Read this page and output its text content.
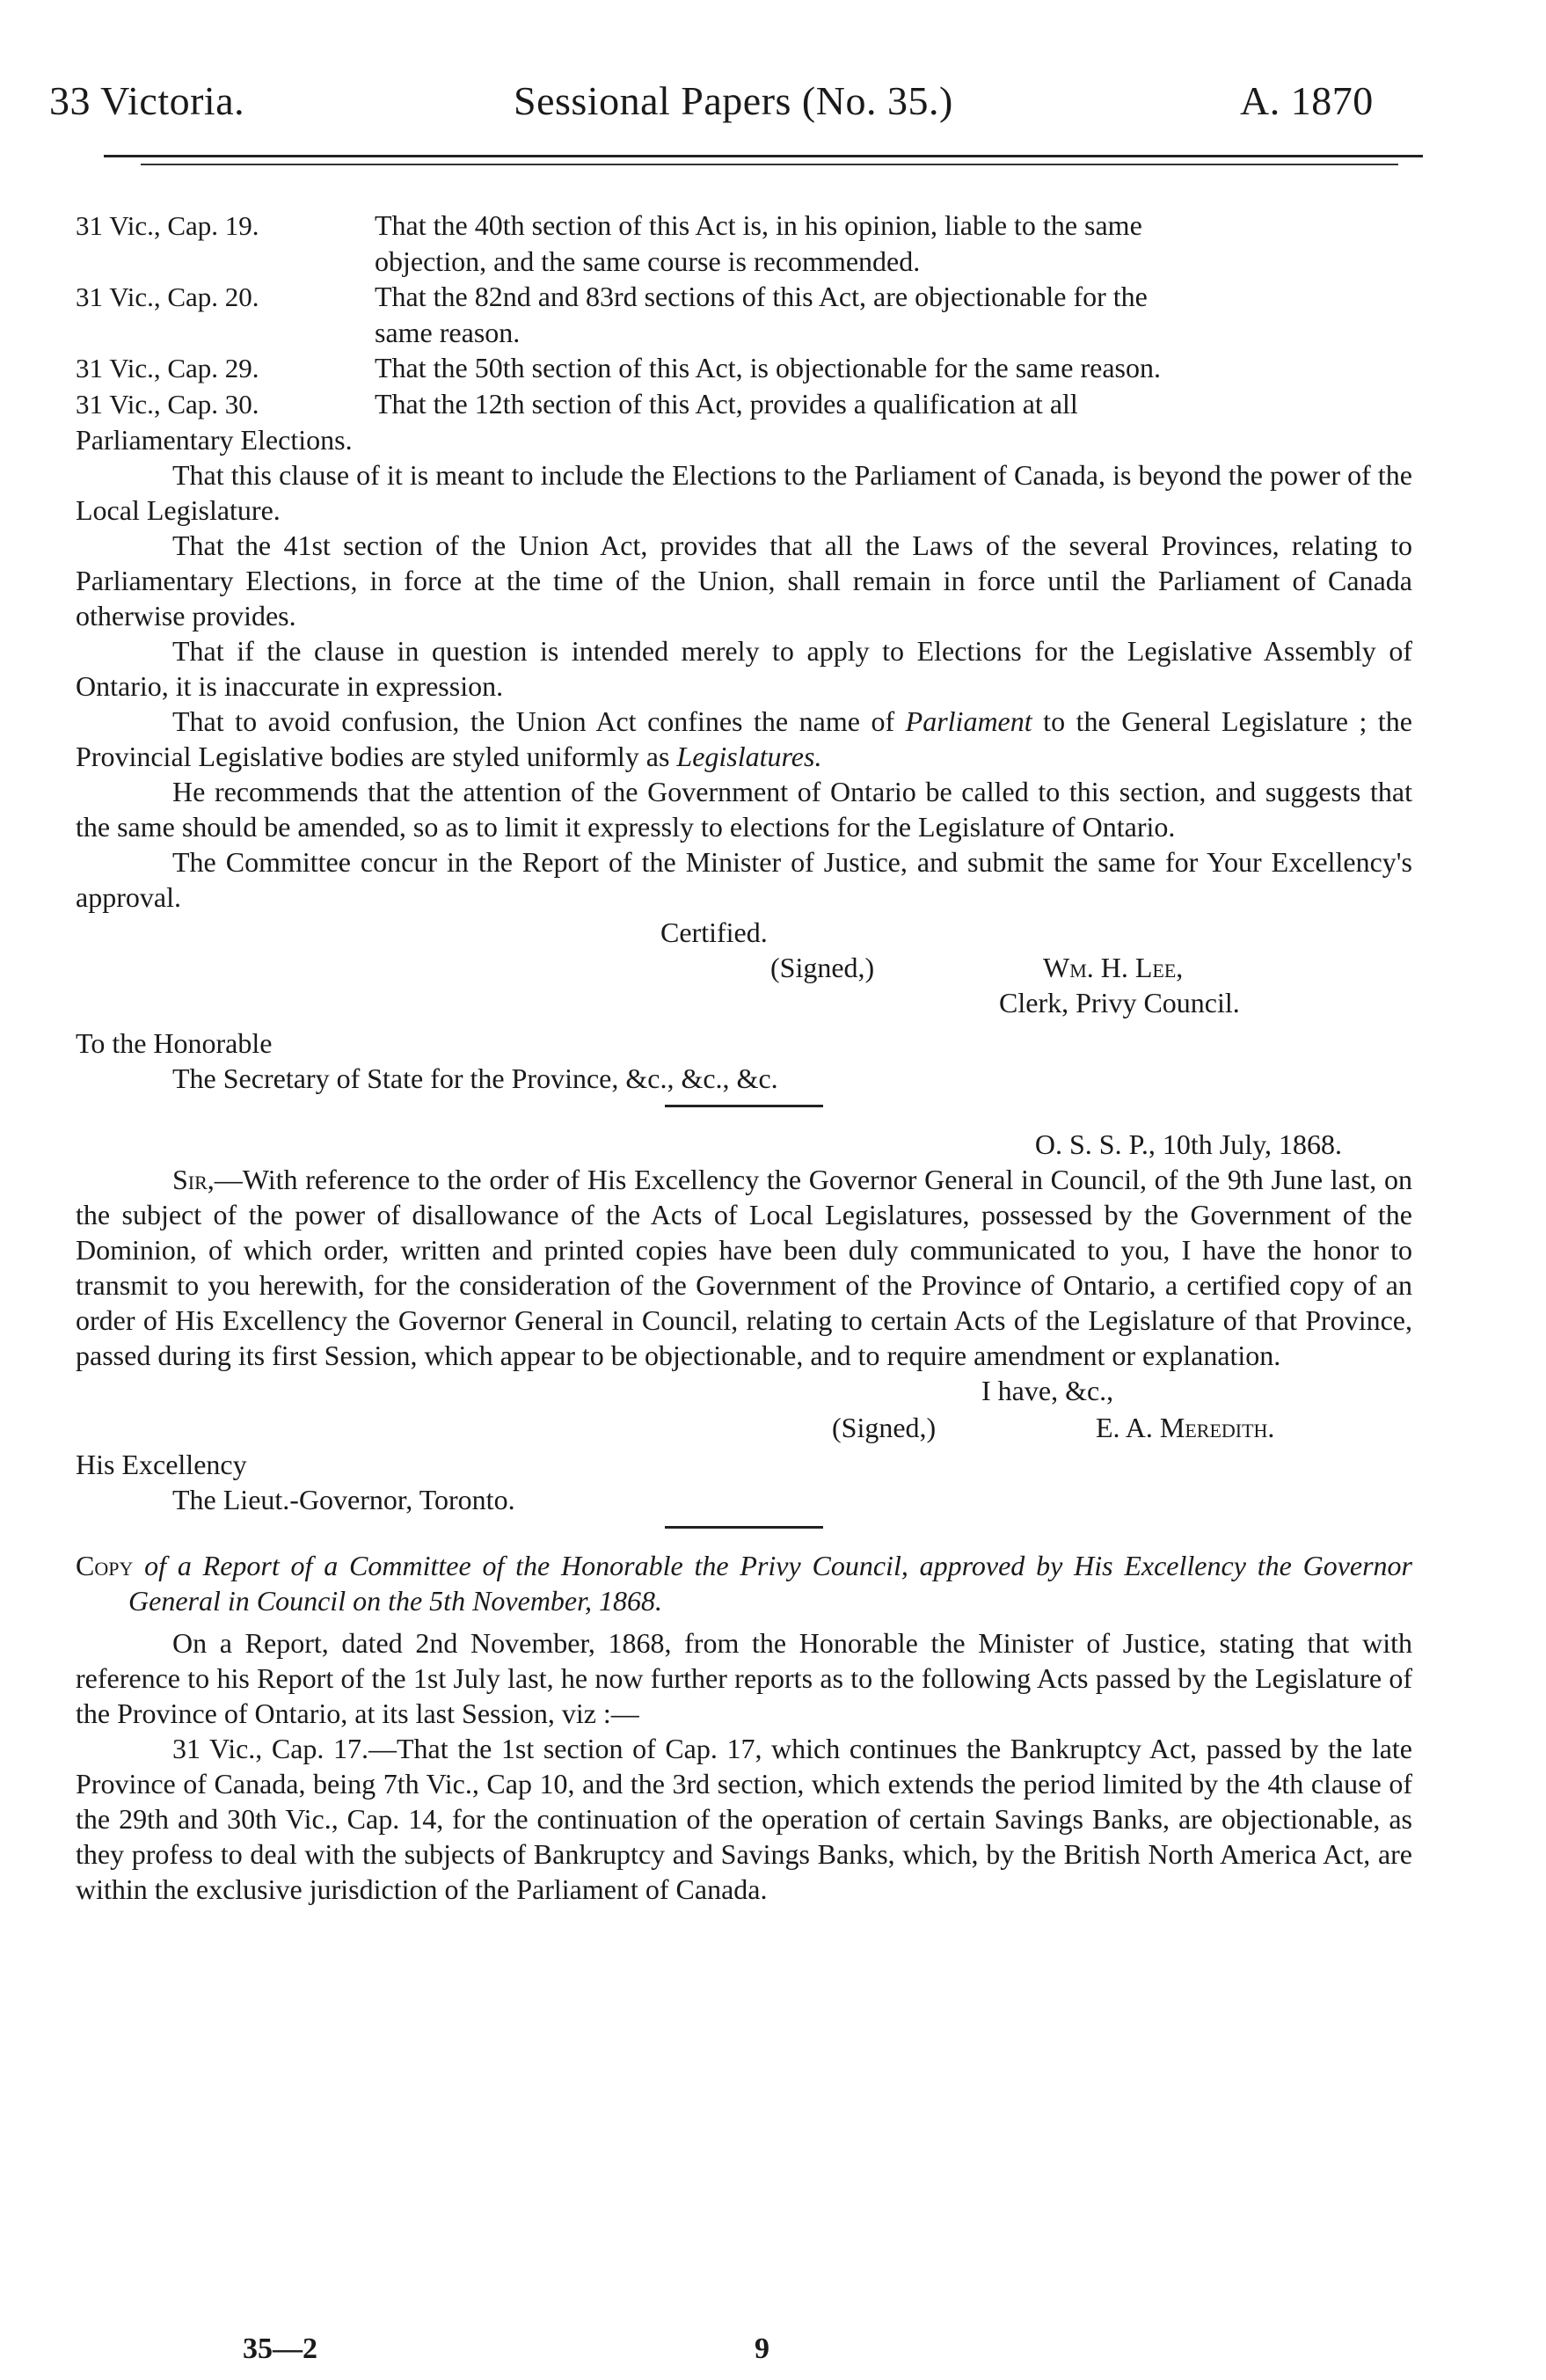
33 Victoria.	Sessional Papers (No. 35.)	A. 1870

31 Vic., Cap. 19.	That the 40th section of this Act is, in his opinion, liable to the same

objection, and the same course is recommended.

31 Vic., Cap. 20.	That the 82nd and 83rd sections of this Act, are objectionable for the

same reason.

31 Vic., Cap. 29.	That the 50th section of this Act, is objectionable for the same reason.

31 Vic., Cap. 30.	That the 12th section of this Act, provides a qualification at all

Parliamentary Elections.

That this clause of it is meant to include the Elections to the Parliament of Canada, is beyond the power of the Local Legislature.

That the 41st section of the Union Act, provides that all the Laws of the several Provinces, relating to Parliamentary Elections, in force at the time of the Union, shall remain in force until the Parliament of Canada otherwise provides.

That if the clause in question is intended merely to apply to Elections for the Legislative Assembly of Ontario, it is inaccurate in expression.

That to avoid confusion, the Union Act confines the name of Parliament to the General Legislature ; the Provincial Legislative bodies are styled uniformly as Legislatures.

He recommends that the attention of the Government of Ontario be called to this section, and suggests that the same should be amended, so as to limit it expressly to elections for the Legislature of Ontario.

The Committee concur in the Report of the Minister of Justice, and submit the same for Your Excellency's approval.

Certified.
(Signed,)	Wm. H. Lee,
Clerk, Privy Council.

To the Honorable

The Secretary of State for the Province, &c., &c., &c.

O. S. S. P., 10th July, 1868.

Sir,—With reference to the order of His Excellency the Governor General in Council, of the 9th June last, on the subject of the power of disallowance of the Acts of Local Legislatures, possessed by the Government of the Dominion, of which order, written and printed copies have been duly communicated to you, I have the honor to transmit to you herewith, for the consideration of the Government of the Province of Ontario, a certified copy of an order of His Excellency the Governor General in Council, relating to certain Acts of the Legislature of that Province, passed during its first Session, which appear to be objectionable, and to require amendment or explanation.

I have, &c.,
(Signed,)	E. A. Meredith.

His Excellency

The Lieut.-Governor, Toronto.

Copy of a Report of a Committee of the Honorable the Privy Council, approved by His Excellency the Governor General in Council on the 5th November, 1868.

On a Report, dated 2nd November, 1868, from the Honorable the Minister of Justice, stating that with reference to his Report of the 1st July last, he now further reports as to the following Acts passed by the Legislature of the Province of Ontario, at its last Session, viz :—

31 Vic., Cap. 17.—That the 1st section of Cap. 17, which continues the Bankruptcy Act, passed by the late Province of Canada, being 7th Vic., Cap 10, and the 3rd section, which extends the period limited by the 4th clause of the 29th and 30th Vic., Cap. 14, for the continuation of the operation of certain Savings Banks, are objectionable, as they profess to deal with the subjects of Bankruptcy and Savings Banks, which, by the British North America Act, are within the exclusive jurisdiction of the Parliament of Canada.

35—2	9
